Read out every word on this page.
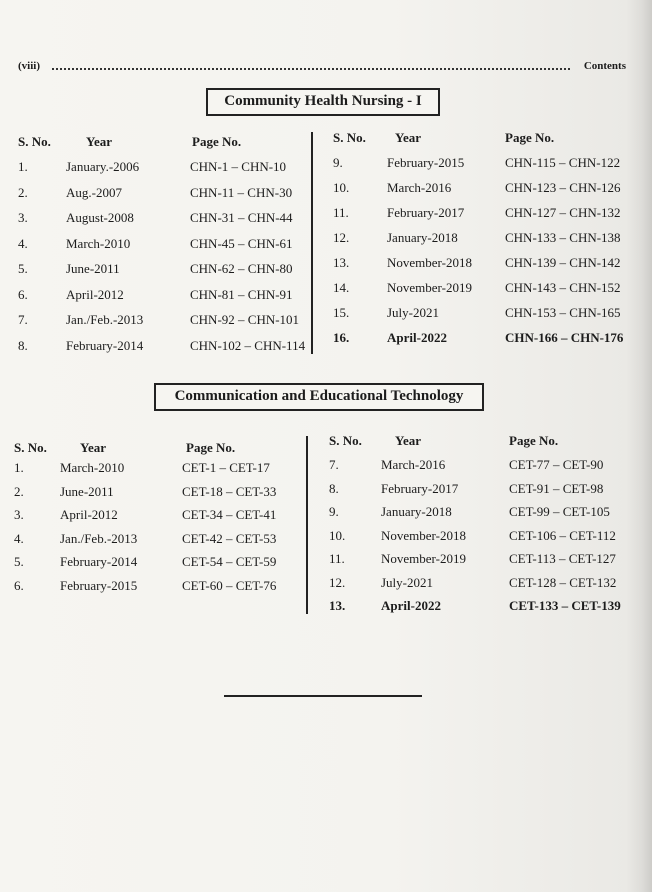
(viii)	Contents
Community Health Nursing - I
S. No.	Year	Page No.
1.	January.-2006	CHN-1 – CHN-10
2.	Aug.-2007	CHN-11 – CHN-30
3.	August-2008	CHN-31 – CHN-44
4.	March-2010	CHN-45 – CHN-61
5.	June-2011	CHN-62 – CHN-80
6.	April-2012	CHN-81 – CHN-91
7.	Jan./Feb.-2013	CHN-92 – CHN-101
8.	February-2014	CHN-102 – CHN-114
S. No. Year	Page No.
9.	February-2015	CHN-115 – CHN-122
10.	March-2016	CHN-123 – CHN-126
11.	February-2017	CHN-127 – CHN-132
12.	January-2018	CHN-133 – CHN-138
13.	November-2018	CHN-139 – CHN-142
14.	November-2019	CHN-143 – CHN-152
15.	July-2021	CHN-153 – CHN-165
16.	April-2022	CHN-166 – CHN-176
Communication and Educational Technology
S. No.	Year	Page No.
1.	March-2010	CET-1 – CET-17
2.	June-2011	CET-18 – CET-33
3.	April-2012	CET-34 – CET-41
4.	Jan./Feb.-2013	CET-42 – CET-53
5.	February-2014	CET-54 – CET-59
6.	February-2015	CET-60 – CET-76
S. No.	Year	Page No.
7.	March-2016	CET-77 – CET-90
8.	February-2017	CET-91 – CET-98
9.	January-2018	CET-99 – CET-105
10.	November-2018	CET-106 – CET-112
11.	November-2019	CET-113 – CET-127
12.	July-2021	CET-128 – CET-132
13.	April-2022	CET-133 – CET-139
